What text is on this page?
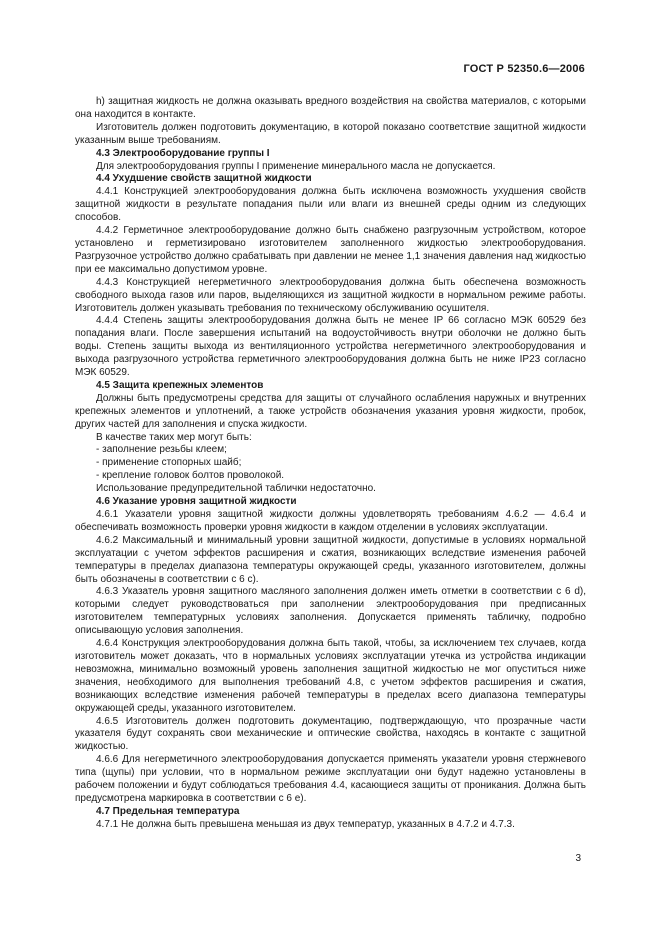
ГОСТ Р 52350.6—2006

h) защитная жидкость не должна оказывать вредного воздействия на свойства материалов, с которыми она находится в контакте.

Изготовитель должен подготовить документацию, в которой показано соответствие защитной жидкости указанным выше требованиям.

4.3 Электрооборудование группы I

Для электрооборудования группы I применение минерального масла не допускается.

4.4 Ухудшение свойств защитной жидкости

4.4.1 Конструкцией электрооборудования должна быть исключена возможность ухудшения свойств защитной жидкости в результате попадания пыли или влаги из внешней среды одним из следующих способов.

4.4.2 Герметичное электрооборудование должно быть снабжено разгрузочным устройством, которое установлено и герметизировано изготовителем заполненного жидкостью электрооборудования. Разгрузочное устройство должно срабатывать при давлении не менее 1,1 значения давления над жидкостью при ее максимально допустимом уровне.

4.4.3 Конструкцией негерметичного электрооборудования должна быть обеспечена возможность свободного выхода газов или паров, выделяющихся из защитной жидкости в нормальном режиме работы. Изготовитель должен указывать требования по техническому обслуживанию осушителя.

4.4.4 Степень защиты электрооборудования должна быть не менее IP 66 согласно МЭК 60529 без попадания влаги. После завершения испытаний на водоустойчивость внутри оболочки не должно быть воды. Степень защиты выхода из вентиляционного устройства негерметичного электрооборудования и выхода разгрузочного устройства герметичного электрооборудования должна быть не ниже IP23 согласно МЭК 60529.

4.5 Защита крепежных элементов

Должны быть предусмотрены средства для защиты от случайного ослабления наружных и внутренних крепежных элементов и уплотнений, а также устройств обозначения указания уровня жидкости, пробок, других частей для заполнения и спуска жидкости.

В качестве таких мер могут быть:

- заполнение резьбы клеем;

- применение стопорных шайб;

- крепление головок болтов проволокой.

Использование предупредительной таблички недостаточно.

4.6 Указание уровня защитной жидкости

4.6.1 Указатели уровня защитной жидкости должны удовлетворять требованиям 4.6.2 — 4.6.4 и обеспечивать возможность проверки уровня жидкости в каждом отделении в условиях эксплуатации.

4.6.2 Максимальный и минимальный уровни защитной жидкости, допустимые в условиях нормальной эксплуатации с учетом эффектов расширения и сжатия, возникающих вследствие изменения рабочей температуры в пределах диапазона температуры окружающей среды, указанного изготовителем, должны быть обозначены в соответствии с 6 с).

4.6.3 Указатель уровня защитного масляного заполнения должен иметь отметки в соответствии с 6 d), которыми следует руководствоваться при заполнении электрооборудования при предписанных изготовителем температурных условиях заполнения. Допускается применять табличку, подробно описывающую условия заполнения.

4.6.4 Конструкция электрооборудования должна быть такой, чтобы, за исключением тех случаев, когда изготовитель может доказать, что в нормальных условиях эксплуатации утечка из устройства индикации невозможна, минимально возможный уровень заполнения защитной жидкостью не мог опуститься ниже значения, необходимого для выполнения требований 4.8, с учетом эффектов расширения и сжатия, возникающих вследствие изменения рабочей температуры в пределах всего диапазона температуры окружающей среды, указанного изготовителем.

4.6.5 Изготовитель должен подготовить документацию, подтверждающую, что прозрачные части указателя будут сохранять свои механические и оптические свойства, находясь в контакте с защитной жидкостью.

4.6.6 Для негерметичного электрооборудования допускается применять указатели уровня стержневого типа (щупы) при условии, что в нормальном режиме эксплуатации они будут надежно установлены в рабочем положении и будут соблюдаться требования 4.4, касающиеся защиты от проникания. Должна быть предусмотрена маркировка в соответствии с 6 е).

4.7 Предельная температура

4.7.1 Не должна быть превышена меньшая из двух температур, указанных в 4.7.2 и 4.7.3.

3
